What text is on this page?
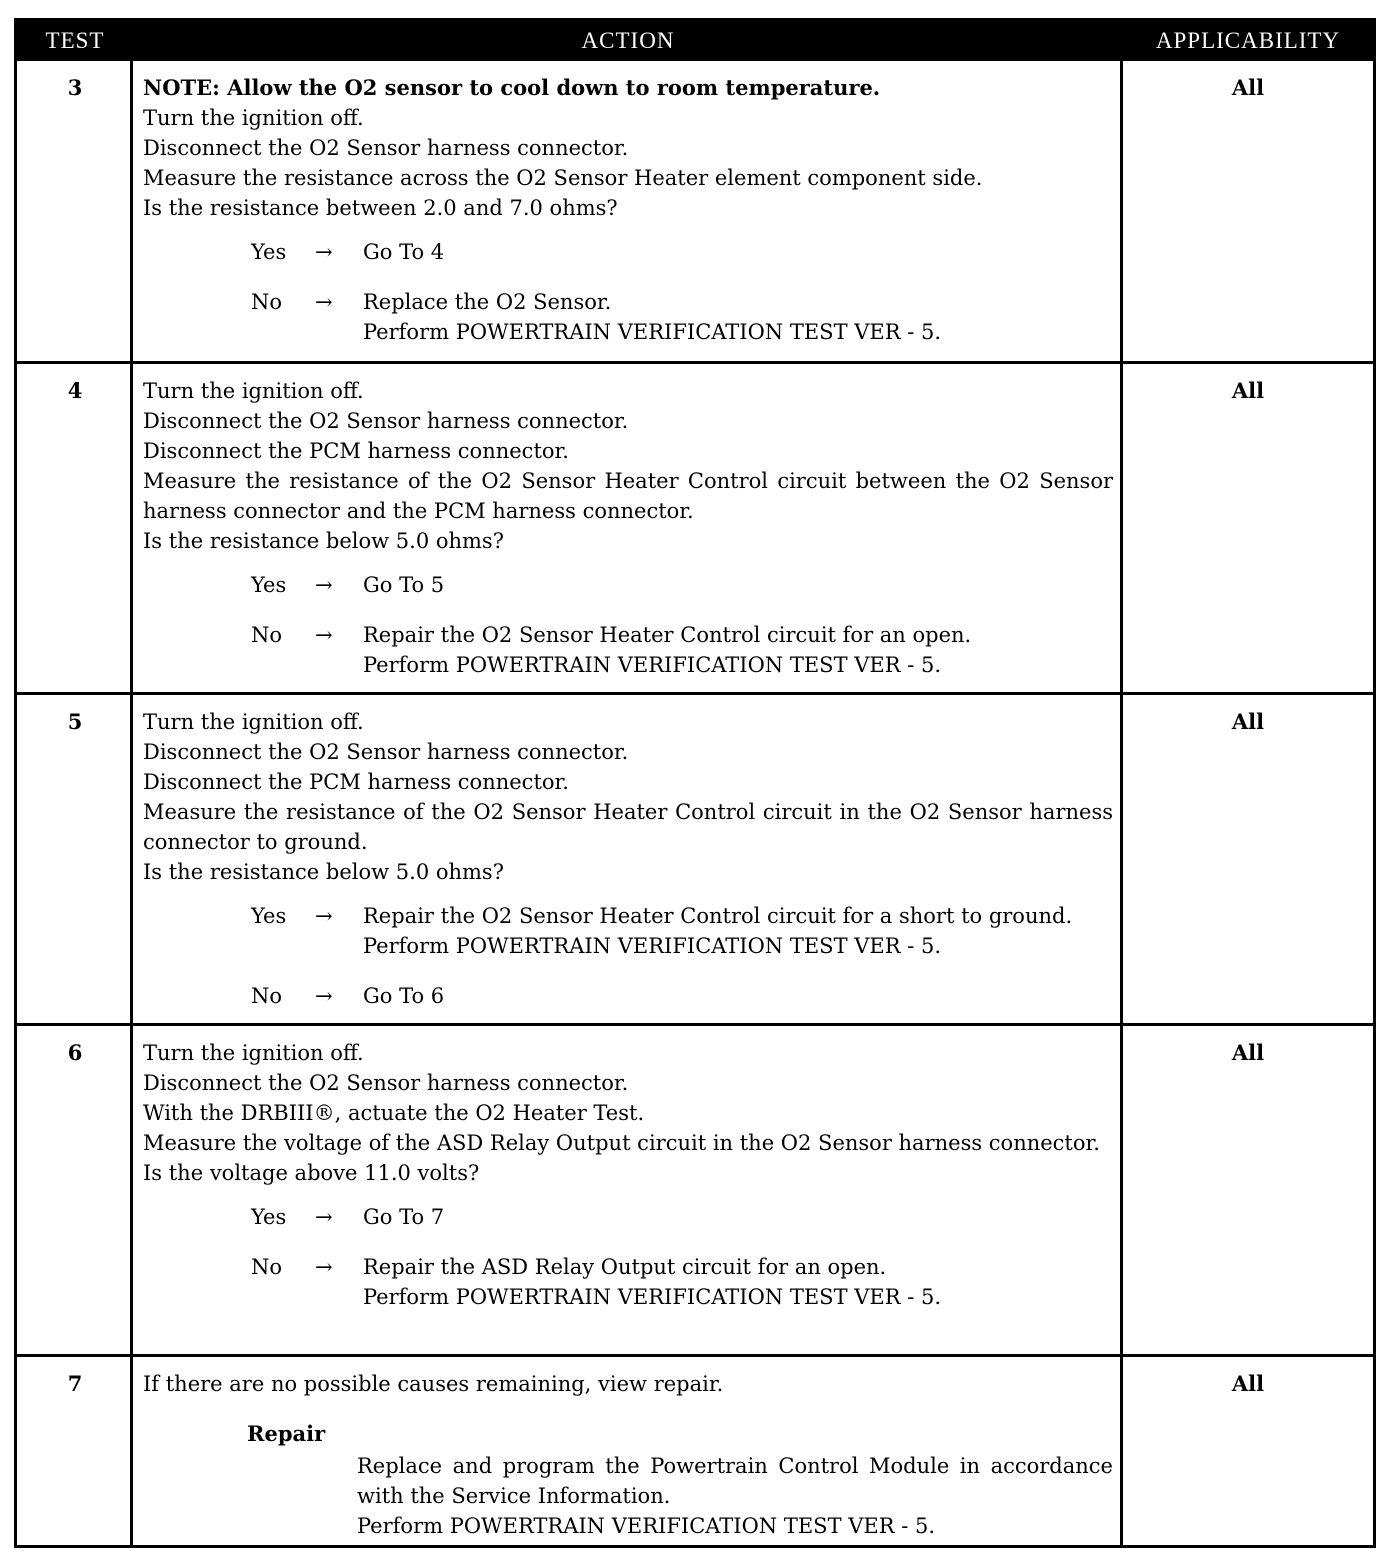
TEST	ACTION	APPLICABILITY
3	NOTE: Allow the O2 sensor to cool down to room temperature.
Turn the ignition off.
Disconnect the O2 Sensor harness connector.
Measure the resistance across the O2 Sensor Heater element component side.
Is the resistance between 2.0 and 7.0 ohms?
Yes → Go To 4
No → Replace the O2 Sensor.
Perform POWERTRAIN VERIFICATION TEST VER - 5.
All
4	Turn the ignition off.
Disconnect the O2 Sensor harness connector.
Disconnect the PCM harness connector.
Measure the resistance of the O2 Sensor Heater Control circuit between the O2 Sensor harness connector and the PCM harness connector.
Is the resistance below 5.0 ohms?
Yes → Go To 5
No → Repair the O2 Sensor Heater Control circuit for an open.
Perform POWERTRAIN VERIFICATION TEST VER - 5.
All
5	Turn the ignition off.
Disconnect the O2 Sensor harness connector.
Disconnect the PCM harness connector.
Measure the resistance of the O2 Sensor Heater Control circuit in the O2 Sensor harness connector to ground.
Is the resistance below 5.0 ohms?
Yes → Repair the O2 Sensor Heater Control circuit for a short to ground.
Perform POWERTRAIN VERIFICATION TEST VER - 5.
No → Go To 6
All
6	Turn the ignition off.
Disconnect the O2 Sensor harness connector.
With the DRBIII®, actuate the O2 Heater Test.
Measure the voltage of the ASD Relay Output circuit in the O2 Sensor harness connector.
Is the voltage above 11.0 volts?
Yes → Go To 7
No → Repair the ASD Relay Output circuit for an open.
Perform POWERTRAIN VERIFICATION TEST VER - 5.
All
7	If there are no possible causes remaining, view repair.
Repair
Replace and program the Powertrain Control Module in accordance with the Service Information.
Perform POWERTRAIN VERIFICATION TEST VER - 5.
All
